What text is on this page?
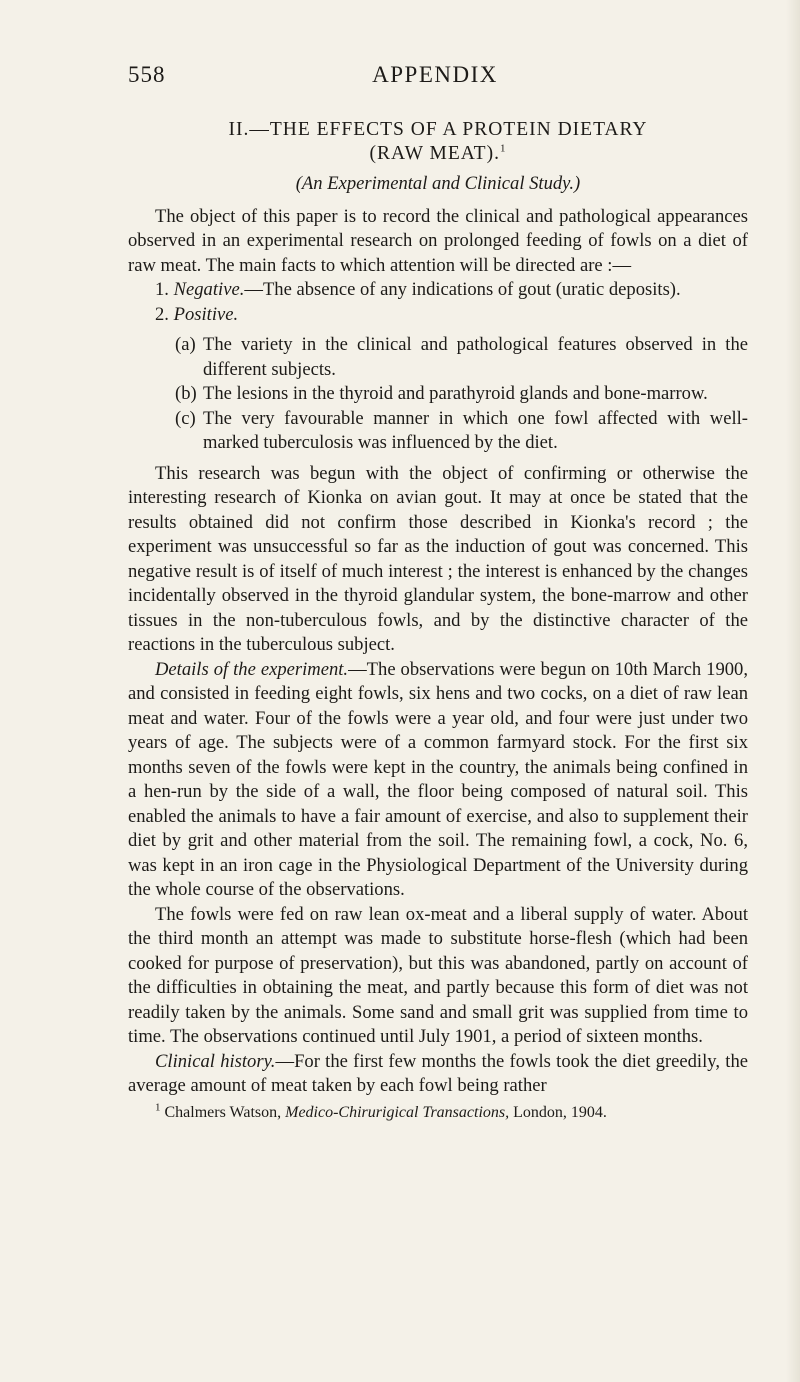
558	APPENDIX
II.—THE EFFECTS OF A PROTEIN DIETARY
(RAW MEAT).$^1$
(An Experimental and Clinical Study.)

The object of this paper is to record the clinical and pathological appearances observed in an experimental research on prolonged feeding of fowls on a diet of raw meat. The main facts to which attention will be directed are :—

1. Negative.—The absence of any indications of gout (uratic deposits).

2. Positive.

(a) The variety in the clinical and pathological features observed in the different subjects.

(b) The lesions in the thyroid and parathyroid glands and bone-marrow.

(c) The very favourable manner in which one fowl affected with well-marked tuberculosis was influenced by the diet.

This research was begun with the object of confirming or otherwise the interesting research of Kionka on avian gout. It may at once be stated that the results obtained did not confirm those described in Kionka's record ; the experiment was unsuccessful so far as the induction of gout was concerned. This negative result is of itself of much interest ; the interest is enhanced by the changes incidentally observed in the thyroid glandular system, the bone-marrow and other tissues in the non-tuberculous fowls, and by the distinctive character of the reactions in the tuberculous subject.

Details of the experiment.—The observations were begun on 10th March 1900, and consisted in feeding eight fowls, six hens and two cocks, on a diet of raw lean meat and water. Four of the fowls were a year old, and four were just under two years of age. The subjects were of a common farmyard stock. For the first six months seven of the fowls were kept in the country, the animals being confined in a hen-run by the side of a wall, the floor being composed of natural soil. This enabled the animals to have a fair amount of exercise, and also to supplement their diet by grit and other material from the soil. The remaining fowl, a cock, No. 6, was kept in an iron cage in the Physiological Department of the University during the whole course of the observations.

The fowls were fed on raw lean ox-meat and a liberal supply of water. About the third month an attempt was made to substitute horse-flesh (which had been cooked for purpose of preservation), but this was abandoned, partly on account of the difficulties in obtaining the meat, and partly because this form of diet was not readily taken by the animals. Some sand and small grit was supplied from time to time. The observations continued until July 1901, a period of sixteen months.

Clinical history.—For the first few months the fowls took the diet greedily, the average amount of meat taken by each fowl being rather

$^1$ Chalmers Watson, Medico-Chirurigical Transactions, London, 1904.
